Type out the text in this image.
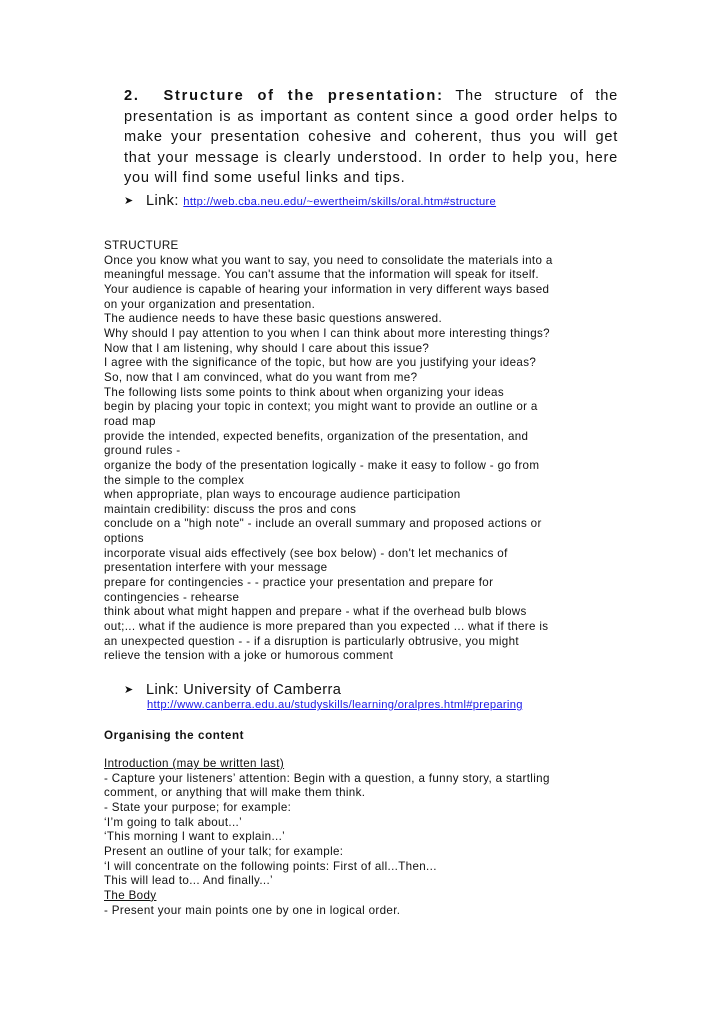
2. Structure of the presentation: The structure of the presentation is as important as content since a good order helps to make your presentation cohesive and coherent, thus you will get that your message is clearly understood. In order to help you, here you will find some useful links and tips.

➤ Link: http://web.cba.neu.edu/~ewertheim/skills/oral.htm#structure
STRUCTURE
Once you know what you want to say, you need to consolidate the materials into a
meaningful message. You can't assume that the information will speak for itself.
Your audience is capable of hearing your information in very different ways based
on your organization and presentation.
The audience needs to have these basic questions answered.
Why should I pay attention to you when I can think about more interesting things?
Now that I am listening, why should I care about this issue?
I agree with the significance of the topic, but how are you justifying your ideas?
So, now that I am convinced, what do you want from me?
The following lists some points to think about when organizing your ideas
begin by placing your topic in context; you might want to provide an outline or a
road map
provide the intended, expected benefits, organization of the presentation, and
ground rules -
organize the body of the presentation logically - make it easy to follow - go from
the simple to the complex
when appropriate, plan ways to encourage audience participation
maintain credibility: discuss the pros and cons
conclude on a "high note" - include an overall summary and proposed actions or
options
incorporate visual aids effectively (see box below) - don't let mechanics of
presentation interfere with your message
prepare for contingencies - - practice your presentation and prepare for
contingencies - rehearse
think about what might happen and prepare - what if the overhead bulb blows
out;... what if the audience is more prepared than you expected ... what if there is
an unexpected question - - if a disruption is particularly obtrusive, you might
relieve the tension with a joke or humorous comment
➤ Link: University of Camberra
http://www.canberra.edu.au/studyskills/learning/oralpres.html#preparing
Organising the content
Introduction (may be written last)
- Capture your listeners’ attention: Begin with a question, a funny story, a startling
comment, or anything that will make them think.
- State your purpose; for example:
‘I’m going to talk about...’
‘This morning I want to explain...’
Present an outline of your talk; for example:
‘I will concentrate on the following points: First of all...Then...
This will lead to... And finally...’
The Body
- Present your main points one by one in logical order.
